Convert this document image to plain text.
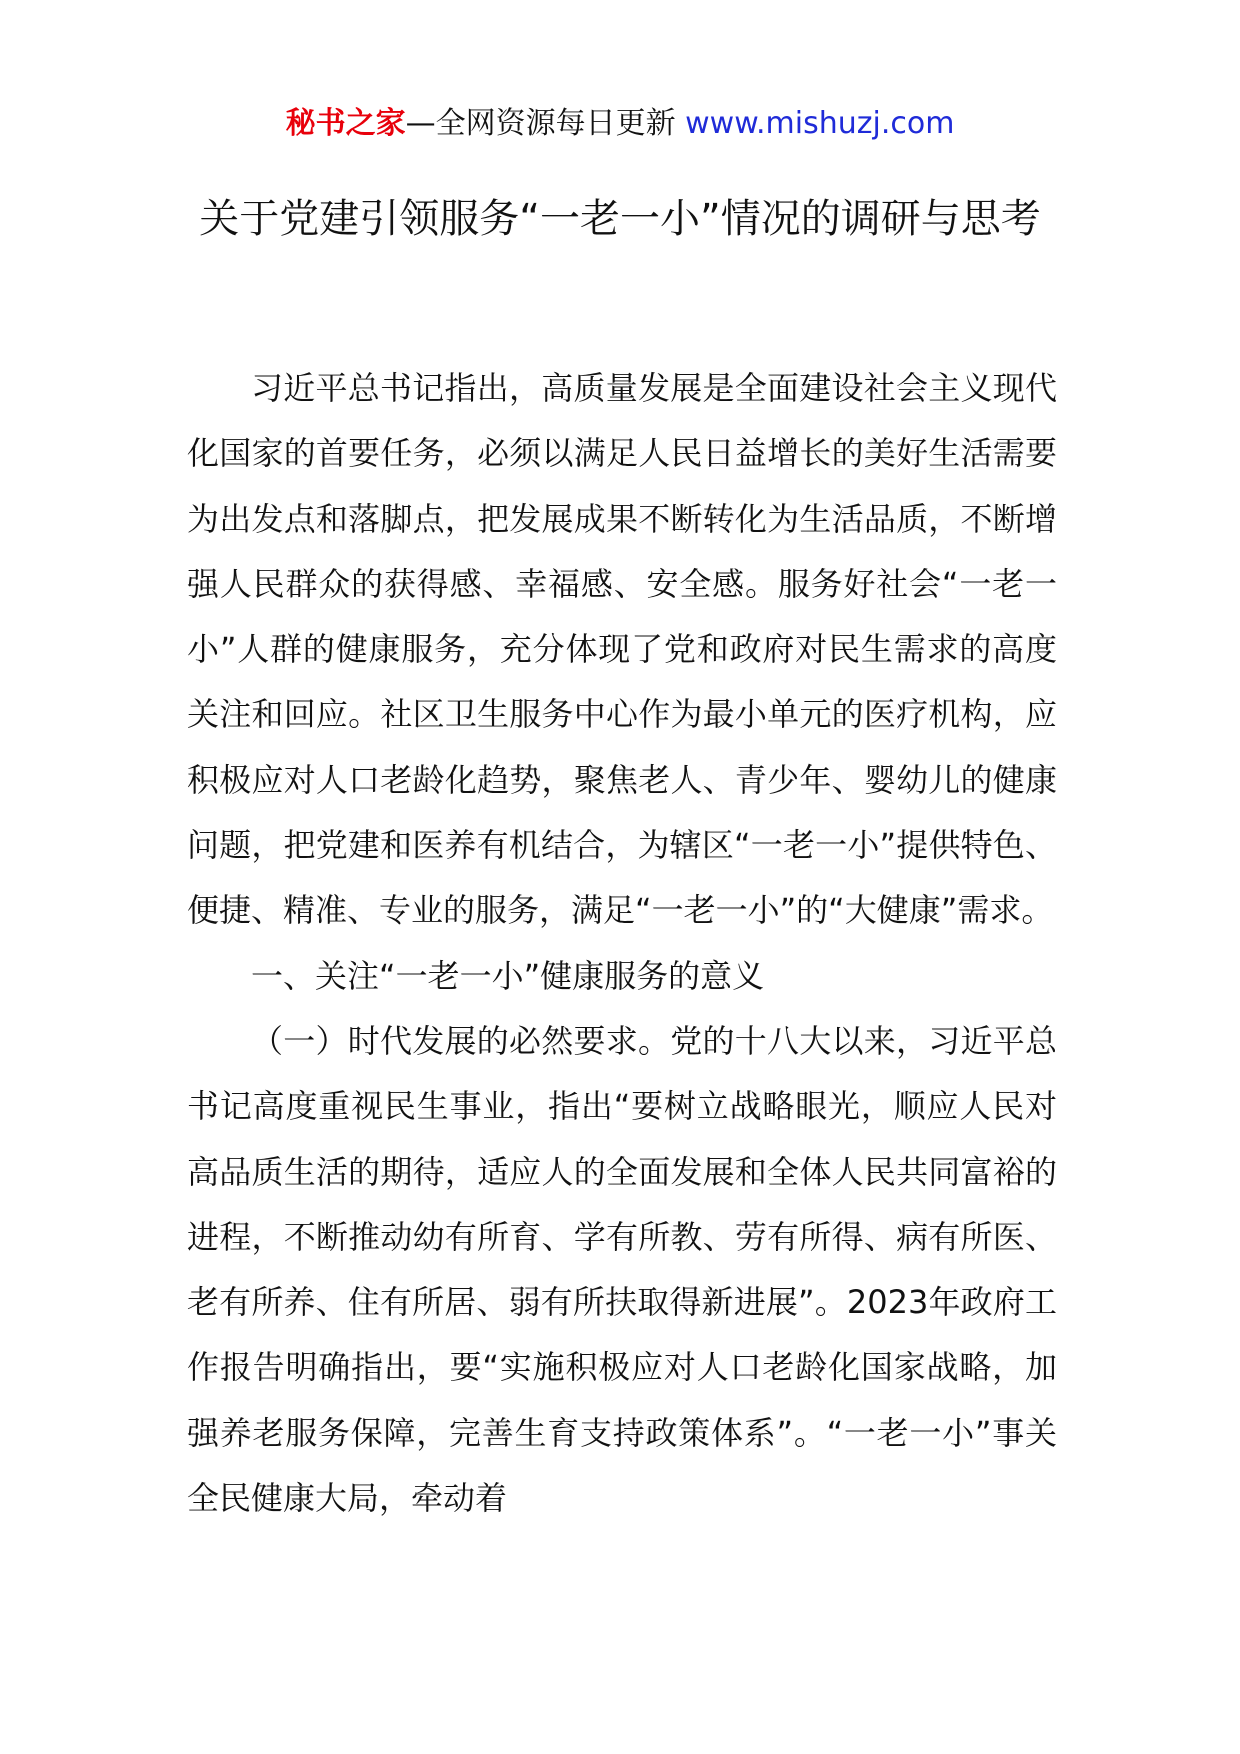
秘书之家—全网资源每日更新 www.mishuzj.com
关于党建引领服务“一老一小”情况的调研与思考

习近平总书记指出，高质量发展是全面建设社会主义现代化国家的首要任务，必须以满足人民日益增长的美好生活需要为出发点和落脚点，把发展成果不断转化为生活品质，不断增强人民群众的获得感、幸福感、安全感。服务好社会“一老一小”人群的健康服务，充分体现了党和政府对民生需求的高度关注和回应。社区卫生服务中心作为最小单元的医疗机构，应积极应对人口老龄化趋势，聚焦老人、青少年、婴幼儿的健康问题，把党建和医养有机结合，为辖区“一老一小”提供特色、便捷、精准、专业的服务，满足“一老一小”的“大健康”需求。

一、关注“一老一小”健康服务的意义

（一）时代发展的必然要求。党的十八大以来，习近平总书记高度重视民生事业，指出“要树立战略眼光，顺应人民对高品质生活的期待，适应人的全面发展和全体人民共同富裕的进程，不断推动幼有所育、学有所教、劳有所得、病有所医、老有所养、住有所居、弱有所扶取得新进展”。2023年政府工作报告明确指出，要“实施积极应对人口老龄化国家战略，加强养老服务保障，完善生育支持政策体系”。“一老一小”事关全民健康大局，牵动着
